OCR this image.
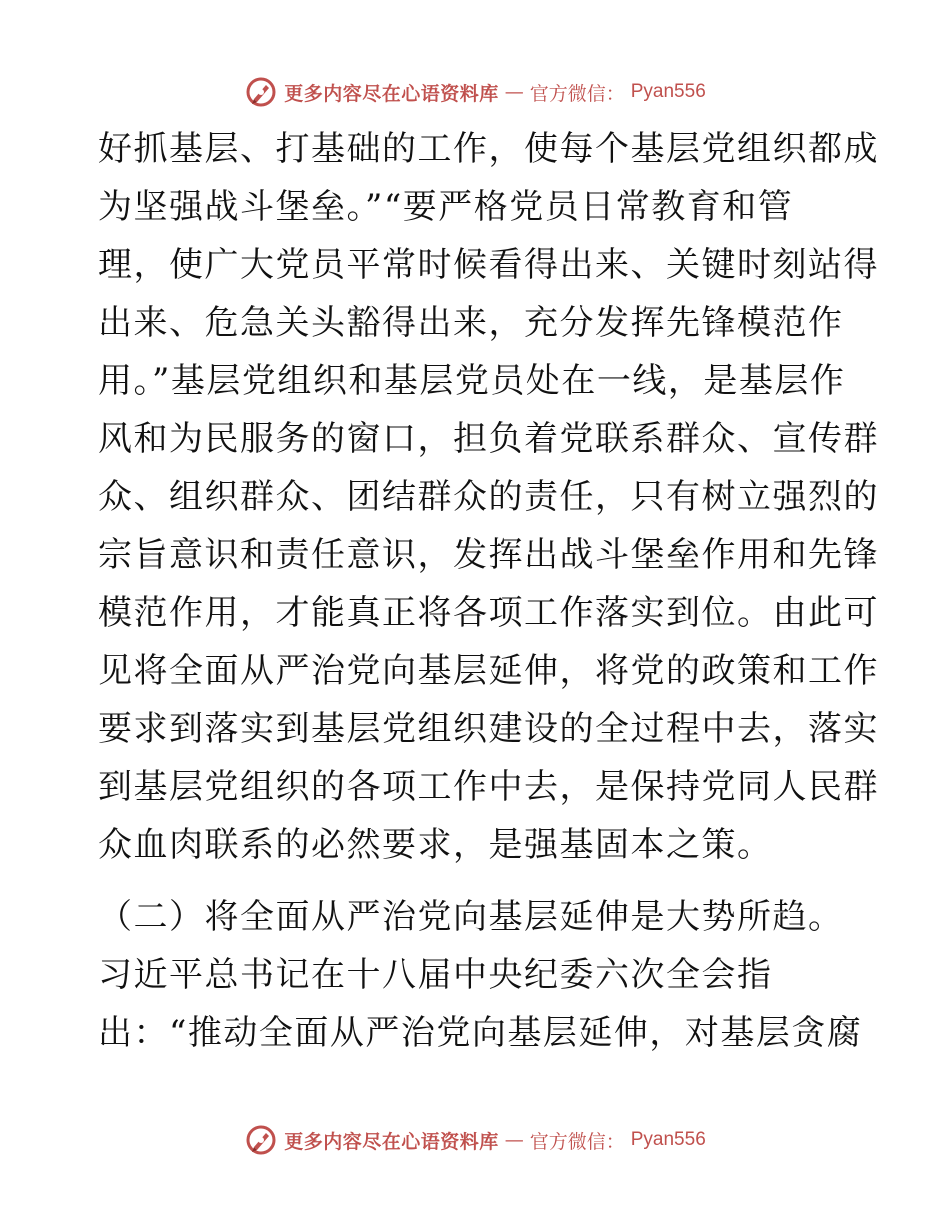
更多内容尽在心语资料库 — 官方微信： Pyan556
好抓基层、打基础的工作，使每个基层党组织都成
为坚强战斗堡垒。”“要严格党员日常教育和管
理，使广大党员平常时候看得出来、关键时刻站得
出来、危急关头豁得出来，充分发挥先锋模范作
用。”基层党组织和基层党员处在一线，是基层作
风和为民服务的窗口，担负着党联系群众、宣传群
众、组织群众、团结群众的责任，只有树立强烈的
宗旨意识和责任意识，发挥出战斗堡垒作用和先锋
模范作用，才能真正将各项工作落实到位。由此可
见将全面从严治党向基层延伸，将党的政策和工作
要求到落实到基层党组织建设的全过程中去，落实
到基层党组织的各项工作中去，是保持党同人民群
众血肉联系的必然要求，是强基固本之策。
（二）将全面从严治党向基层延伸是大势所趋。
习近平总书记在十八届中央纪委六次全会指
出：“推动全面从严治党向基层延伸，对基层贪腐
更多内容尽在心语资料库 — 官方微信： Pyan556
